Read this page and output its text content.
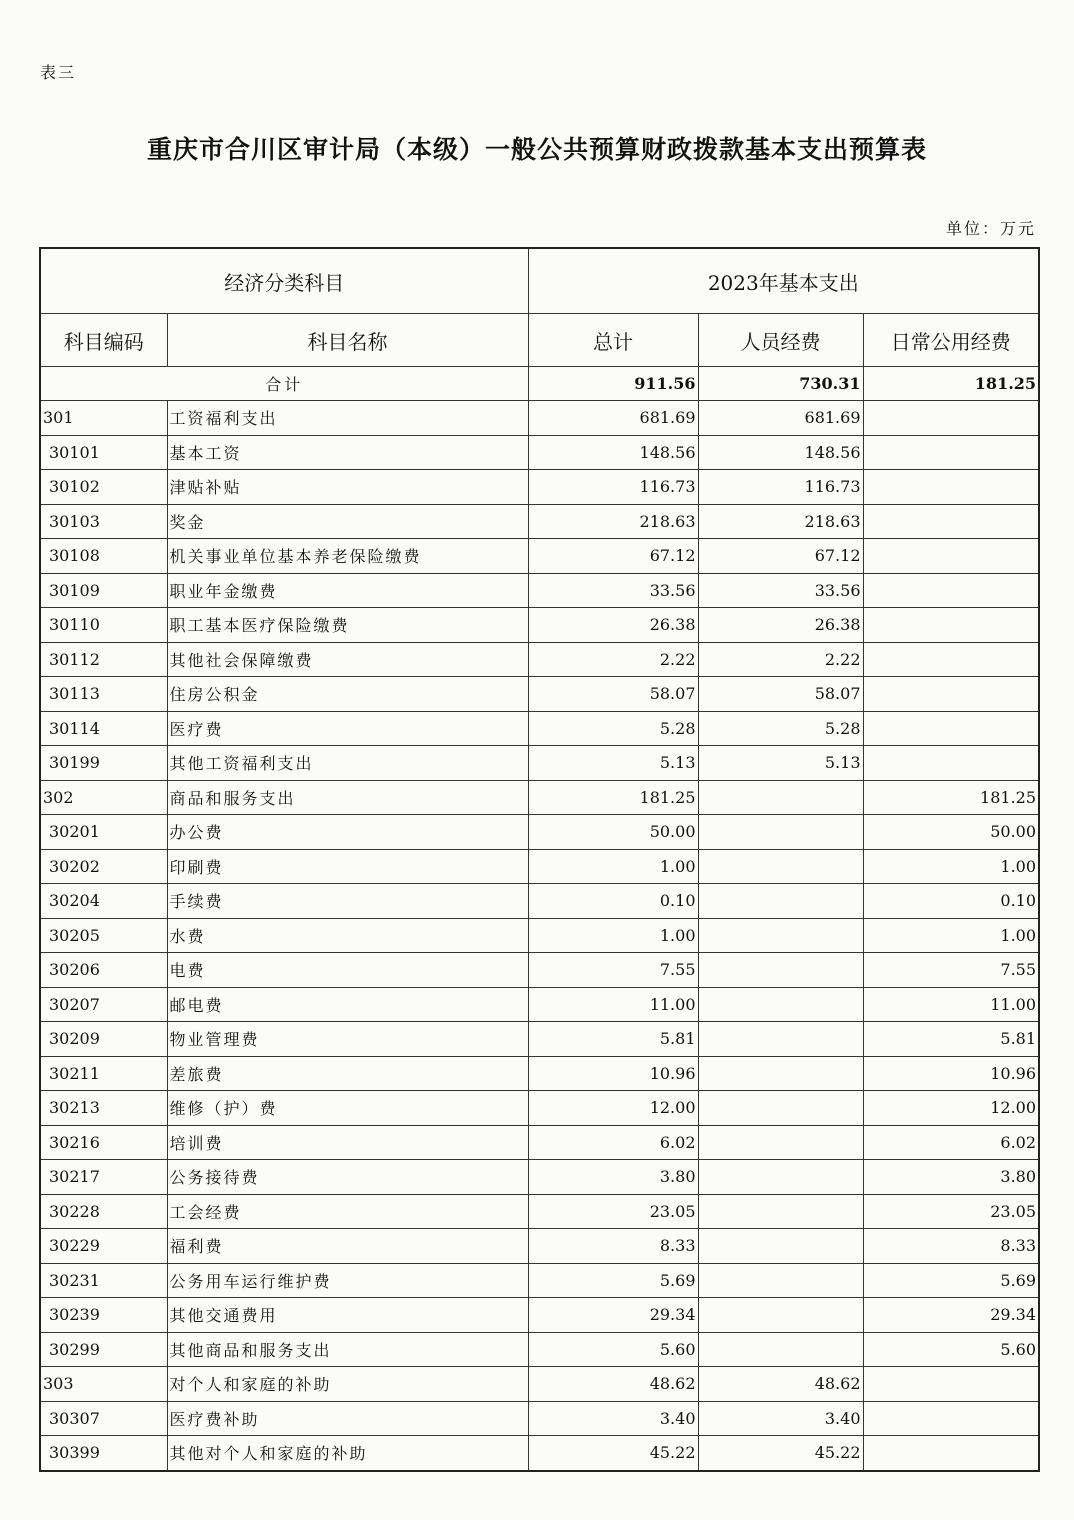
表三
重庆市合川区审计局（本级）一般公共预算财政拨款基本支出预算表
单位：万元
经济分类科目		2023年基本支出		
科目编码	科目名称	总计	人员经费	日常公用经费
合计		911.56	730.31	181.25
301	工资福利支出	681.69	681.69	
30101	基本工资	148.56	148.56	
30102	津贴补贴	116.73	116.73	
30103	奖金	218.63	218.63	
30108	机关事业单位基本养老保险缴费	67.12	67.12	
30109	职业年金缴费	33.56	33.56	
30110	职工基本医疗保险缴费	26.38	26.38	
30112	其他社会保障缴费	2.22	2.22	
30113	住房公积金	58.07	58.07	
30114	医疗费	5.28	5.28	
30199	其他工资福利支出	5.13	5.13	
302	商品和服务支出	181.25		181.25
30201	办公费	50.00		50.00
30202	印刷费	1.00		1.00
30204	手续费	0.10		0.10
30205	水费	1.00		1.00
30206	电费	7.55		7.55
30207	邮电费	11.00		11.00
30209	物业管理费	5.81		5.81
30211	差旅费	10.96		10.96
30213	维修（护）费	12.00		12.00
30216	培训费	6.02		6.02
30217	公务接待费	3.80		3.80
30228	工会经费	23.05		23.05
30229	福利费	8.33		8.33
30231	公务用车运行维护费	5.69		5.69
30239	其他交通费用	29.34		29.34
30299	其他商品和服务支出	5.60		5.60
303	对个人和家庭的补助	48.62	48.62	
30307	医疗费补助	3.40	3.40	
30399	其他对个人和家庭的补助	45.22	45.22	
